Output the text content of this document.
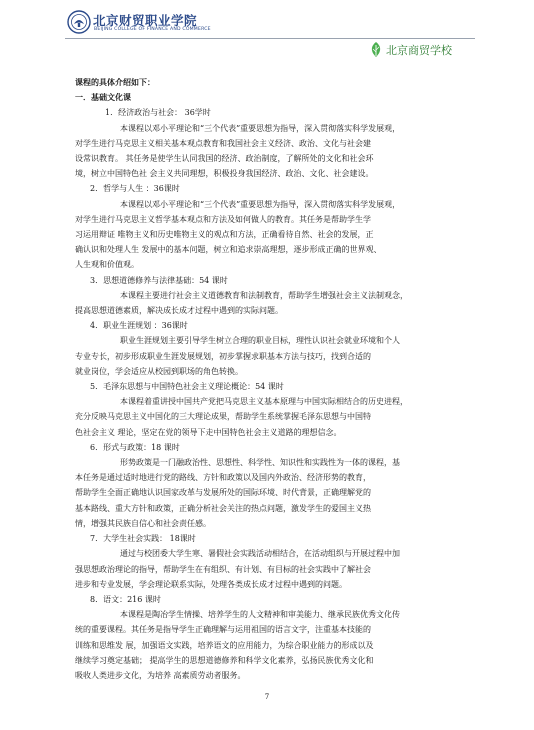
北京财贸职业学院
BEIJING COLLEGE OF FINANCE AND COMMERCE
北京商贸学校
课程的具体介绍如下：
一．基础文化课
1．经济政治与社会： 36学时
本课程以邓小平理论和“三个代表”重要思想为指导，深入贯彻落实科学发展观，
对学生进行马克思主义相关基本观点教育和我国社会主义经济、政治、文化与社会建
设常识教育。 其任务是使学生认同我国的经济、政治制度，了解所处的文化和社会环
境，树立中国特色社 会主义共同理想，积极投身我国经济、政治、文化、社会建设。
2．哲学与人生 ：36课时
本课程以邓小平理论和“三个代表”重要思想为指导，深入贯彻落实科学发展观，
对学生进行马克思主义哲学基本观点和方法及如何做人的教育。其任务是帮助学生学
习运用辩证 唯物主义和历史唯物主义的观点和方法，正确看待自然、社会的发展，正
确认识和处理人生 发展中的基本问题，树立和追求崇高理想，逐步形成正确的世界观、
人生观和价值观。
3．思想道德修养与法律基础：54 课时
本课程主要进行社会主义道德教育和法制教育，帮助学生增强社会主义法制观念，
提高思想道德素质，解决成长成才过程中遇到的实际问题。
4．职业生涯规划 ：36课时
职业生涯规划主要引导学生树立合理的职业目标，理性认识社会就业环境和个人
专业专长，初步形成职业生涯发展规划，初步掌握求职基本方法与技巧，找到合适的
就业岗位，学会适应从校园到职场的角色转换。
5．毛泽东思想与中国特色社会主义理论概论：54 课时
本课程着重讲授中国共产党把马克思主义基本原理与中国实际相结合的历史进程，
充分反映马克思主义中国化的三大理论成果，帮助学生系统掌握毛泽东思想与中国特
色社会主义 理论，坚定在党的领导下走中国特色社会主义道路的理想信念。
6．形式与政策：18 课时
形势政策是一门融政治性、思想性、科学性、知识性和实践性为一体的课程，基
本任务是通过适时地进行党的路线、方针和政策以及国内外政治、经济形势的教育，
帮助学生全面正确地认识国家改革与发展所处的国际环境、时代背景，正确理解党的
基本路线、重大方针和政策，正确分析社会关注的热点问题，激发学生的爱国主义热
情，增强其民族自信心和社会责任感。
7．大学生社会实践： 18课时
通过与校团委大学生寒、暑假社会实践活动相结合，在活动组织与开展过程中加
强思想政治理论的指导，帮助学生在有组织、有计划、有目标的社会实践中了解社会
进步和专业发展，学会理论联系实际，处理各类成长成才过程中遇到的问题。
8．语文：216 课时
本课程是陶冶学生情操、培养学生的人文精神和审美能力、继承民族优秀文化传
统的重要课程。其任务是指导学生正确理解与运用祖国的语言文字，注重基本技能的
训练和思维发 展，加强语文实践，培养语文的应用能力，为综合职业能力的形成以及
继续学习奠定基础； 提高学生的思想道德修养和科学文化素养，弘扬民族优秀文化和
吸收人类进步文化，为培养 高素质劳动者服务。
7
